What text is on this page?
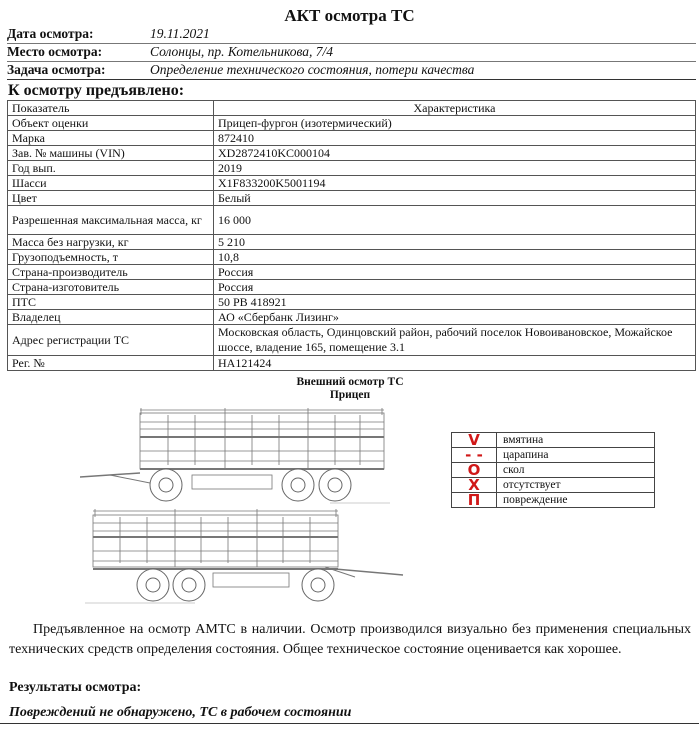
АКТ осмотра ТС
Дата осмотра:	19.11.2021
Место осмотра:	Солонцы, пр. Котельникова, 7/4
Задача осмотра:	Определение технического состояния, потери качества
К осмотру предъявлено:
Показатель	Характеристика
Объект оценки	Прицеп-фургон (изотермический)
Марка	872410
Зав. № машины (VIN)	XD2872410KC000104
Год вып.	2019
Шасси	X1F833200K5001194
Цвет	Белый
Разрешенная максимальная масса, кг	16 000
Масса без нагрузки, кг	5 210
Грузоподъемность, т	10,8
Страна-производитель	Россия
Страна-изготовитель	Россия
ПТС	50 РВ 418921
Владелец	АО «Сбербанк Лизинг»
Адрес регистрации ТС	Московская область, Одинцовский район, рабочий поселок Новоивановское, Можайское шоссе, владение 165, помещение 3.1
Рег. №	НА121424
Внешний осмотр ТС
Прицеп
V	вмятина
- -	царапина
O	скол
X	отсутствует
П	повреждение
Предъявленное на осмотр АМТС в наличии. Осмотр производился визуально без применения специальных технических средств определения состояния. Общее техническое состояние оценивается как хорошее.
Результаты осмотра:
Повреждений не обнаружено, ТС в рабочем состоянии
